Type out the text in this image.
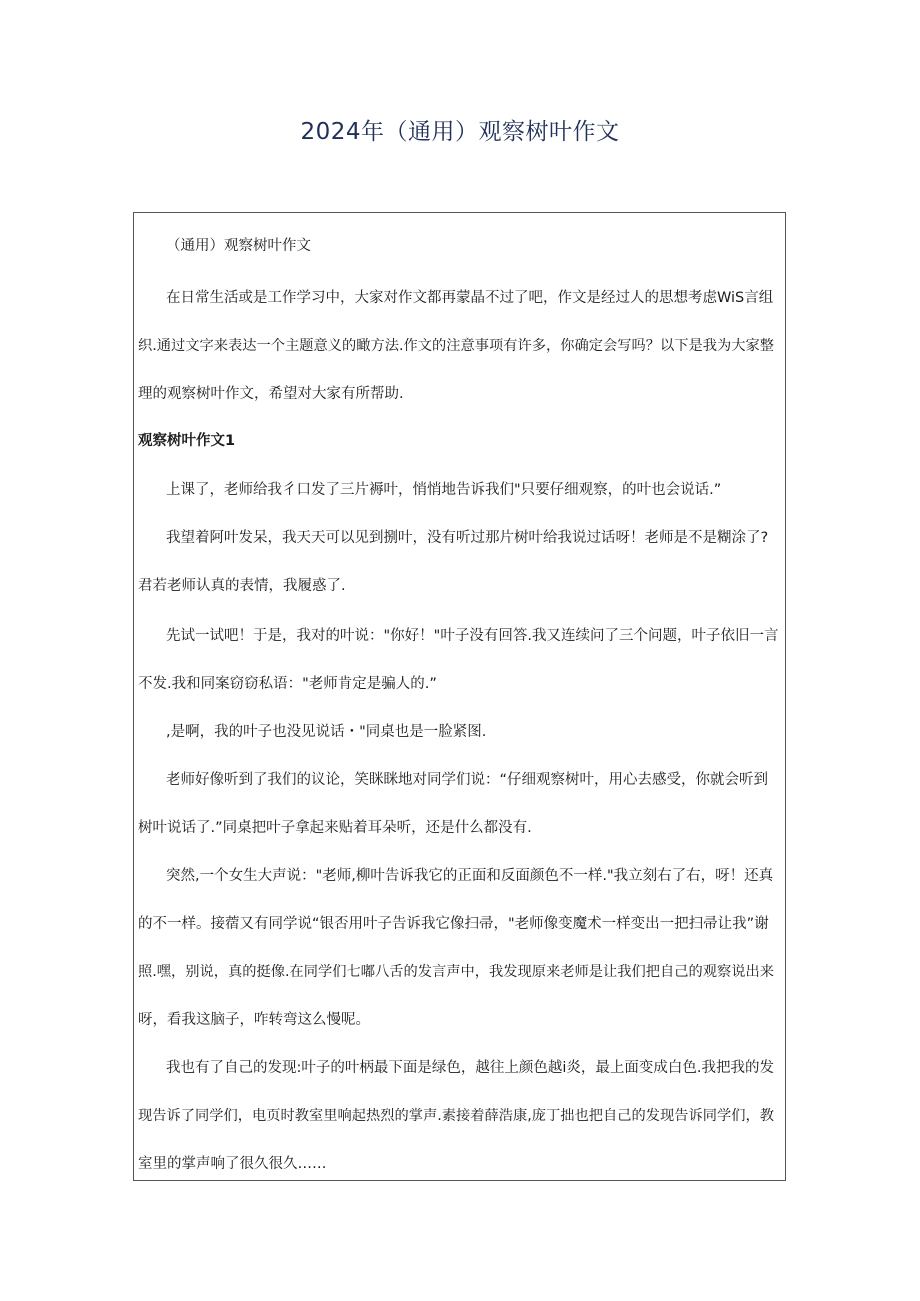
2024年（通用）观察树叶作文
（通用）观察树叶作文
在日常生活或是工作学习中，大家对作文都再蒙晶不过了吧，作文是经过人的思想考虑WiS言组
织.通过文字来表达一个主题意义的瞰方法.作文的注意事项有许多，你确定会写吗？以下是我为大家整
理的观察树叶作文，希望对大家有所帮助.
观察树叶作文1
上课了，老师给我彳口发了三片褥叶，悄悄地告诉我们"只要仔细观察，的叶也会说话.”
我望着阿叶发呆，我天天可以见到捌叶，没有听过那片树叶给我说过话呀！老师是不是糊涂了?
君若老师认真的表情，我履惑了.
先试一试吧！于是，我对的叶说："你好！"叶子没有回答.我又连续问了三个问题，叶子依旧一言
不发.我和同案窃窃私语："老师肯定是骗人的.”
,是啊，我的叶子也没见说话・"同桌也是一脸紧图.
老师好像听到了我们的议论，笑眯眯地对同学们说：“仔细观察树叶，用心去感受，你就会听到
树叶说话了.”同桌把叶子拿起来贴着耳朵听，还是什么都没有.
突然,一个女生大声说："老师,柳叶告诉我它的正面和反面颜色不一样."我立刻右了右，呀！还真
的不一样。接蓿又有同学说“银否用叶子告诉我它像扫帚，"老师像变魔术一样变出一把扫帚让我”谢
照.嘿，别说，真的挺像.在同学们七嘟八舌的发言声中，我发现原来老师是让我们把自己的观察说出来
呀，看我这脑子，咋转弯这么慢呢。
我也有了自己的发现:叶子的叶柄最下面是绿色，越往上颜色越i炎，最上面变成白色.我把我的发
现告诉了同学们，电页时教室里响起热烈的掌声.素接着薛浩康,庞丁拙也把自己的发现告诉同学们，教
室里的掌声响了很久很久……
